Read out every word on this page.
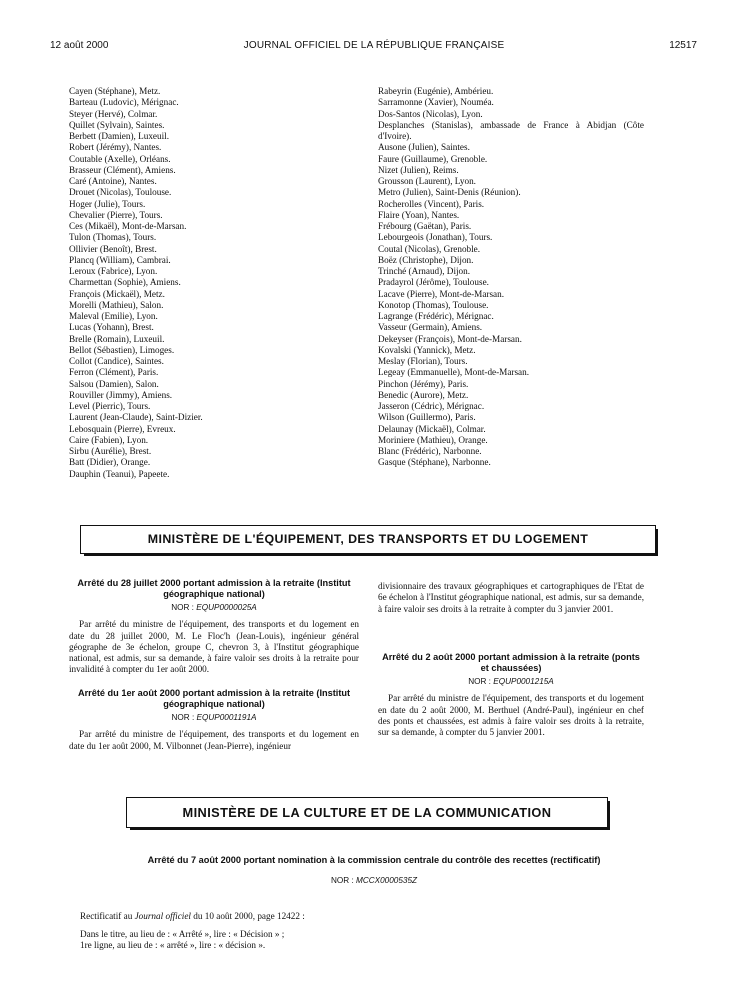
12 août 2000	JOURNAL OFFICIEL DE LA RÉPUBLIQUE FRANÇAISE	12517
Cayen (Stéphane), Metz.
Barteau (Ludovic), Mérignac.
Steyer (Hervé), Colmar.
Quillet (Sylvain), Saintes.
Berbett (Damien), Luxeuil.
Robert (Jérémy), Nantes.
Coutable (Axelle), Orléans.
Brasseur (Clément), Amiens.
Caré (Antoine), Nantes.
Drouet (Nicolas), Toulouse.
Hoger (Julie), Tours.
Chevalier (Pierre), Tours.
Ces (Mikaël), Mont-de-Marsan.
Tulon (Thomas), Tours.
Ollivier (Benoît), Brest.
Plancq (William), Cambrai.
Leroux (Fabrice), Lyon.
Charmettan (Sophie), Amiens.
François (Mickaël), Metz.
Morelli (Mathieu), Salon.
Maleval (Emilie), Lyon.
Lucas (Yohann), Brest.
Brelle (Romain), Luxeuil.
Bellot (Sébastien), Limoges.
Collot (Candice), Saintes.
Ferron (Clément), Paris.
Salsou (Damien), Salon.
Rouviller (Jimmy), Amiens.
Level (Pierric), Tours.
Laurent (Jean-Claude), Saint-Dizier.
Lebosquain (Pierre), Evreux.
Caire (Fabien), Lyon.
Sirbu (Aurélie), Brest.
Batt (Didier), Orange.
Dauphin (Teanui), Papeete.
Rabeyrin (Eugénie), Ambérieu.
Sarramonne (Xavier), Nouméa.
Dos-Santos (Nicolas), Lyon.
Desplanches (Stanislas), ambassade de France à Abidjan (Côte d'Ivoire).
Ausone (Julien), Saintes.
Faure (Guillaume), Grenoble.
Nizet (Julien), Reims.
Grousson (Laurent), Lyon.
Metro (Julien), Saint-Denis (Réunion).
Rocherolles (Vincent), Paris.
Flaire (Yoan), Nantes.
Frébourg (Gaëtan), Paris.
Lebourgeois (Jonathan), Tours.
Coutal (Nicolas), Grenoble.
Boëz (Christophe), Dijon.
Trinché (Arnaud), Dijon.
Pradayrol (Jérôme), Toulouse.
Lacave (Pierre), Mont-de-Marsan.
Konotop (Thomas), Toulouse.
Lagrange (Frédéric), Mérignac.
Vasseur (Germain), Amiens.
Dekeyser (François), Mont-de-Marsan.
Kovalski (Yannick), Metz.
Meslay (Florian), Tours.
Legeay (Emmanuelle), Mont-de-Marsan.
Pinchon (Jérémy), Paris.
Benedic (Aurore), Metz.
Jasseron (Cédric), Mérignac.
Wilson (Guillermo), Paris.
Delaunay (Mickaël), Colmar.
Moriniere (Mathieu), Orange.
Blanc (Frédéric), Narbonne.
Gasque (Stéphane), Narbonne.
MINISTÈRE DE L'ÉQUIPEMENT, DES TRANSPORTS ET DU LOGEMENT
Arrêté du 28 juillet 2000 portant admission à la retraite (Institut géographique national)
NOR : EQUP0000025A

Par arrêté du ministre de l'équipement, des transports et du logement en date du 28 juillet 2000, M. Le Floc'h (Jean-Louis), ingénieur général géographe de 3e échelon, groupe C, chevron 3, à l'Institut géographique national, est admis, sur sa demande, à faire valoir ses droits à la retraite pour invalidité à compter du 1er août 2000.

Arrêté du 1er août 2000 portant admission à la retraite (Institut géographique national)
NOR : EQUP0001191A

Par arrêté du ministre de l'équipement, des transports et du logement en date du 1er août 2000, M. Vilbonnet (Jean-Pierre), ingénieur

divisionnaire des travaux géographiques et cartographiques de l'Etat de 6e échelon à l'Institut géographique national, est admis, sur sa demande, à faire valoir ses droits à la retraite à compter du 3 janvier 2001.

Arrêté du 2 août 2000 portant admission à la retraite (ponts et chaussées)
NOR : EQUP0001215A

Par arrêté du ministre de l'équipement, des transports et du logement en date du 2 août 2000, M. Berthuel (André-Paul), ingénieur en chef des ponts et chaussées, est admis à faire valoir ses droits à la retraite, sur sa demande, à compter du 5 janvier 2001.

MINISTÈRE DE LA CULTURE ET DE LA COMMUNICATION
Arrêté du 7 août 2000 portant nomination à la commission centrale du contrôle des recettes (rectificatif)
NOR : MCCX0000535Z

Rectificatif au Journal officiel du 10 août 2000, page 12422 :

Dans le titre, au lieu de : « Arrêté », lire : « Décision » ;

1re ligne, au lieu de : « arrêté », lire : « décision ».
